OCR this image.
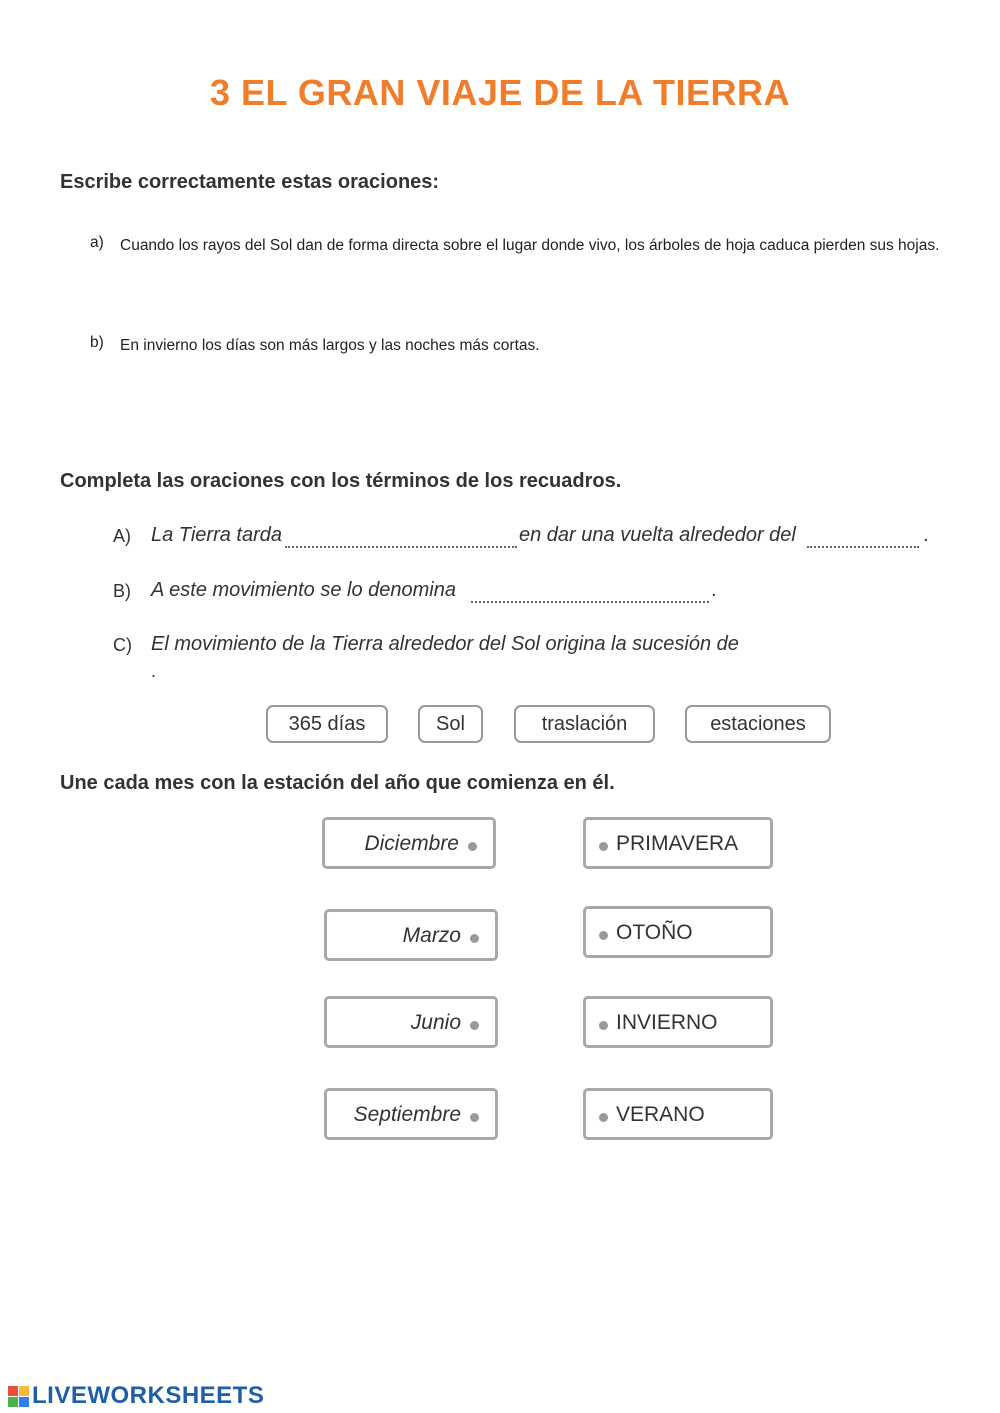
3 EL GRAN VIAJE DE LA TIERRA
Escribe correctamente estas oraciones:
a) Cuando los rayos del Sol dan de forma directa sobre el lugar donde vivo, los árboles de hoja caduca pierden sus hojas.
b) En invierno los días son más largos y las noches más cortas.
Completa las oraciones con los términos de los recuadros.
A) La Tierra tarda	en dar una vuelta alrededor del	.
B) A este movimiento se lo denomina	.
C) El movimiento de la Tierra alrededor del Sol origina la sucesión de
.
365 días	Sol	traslación	estaciones
Une cada mes con la estación del año que comienza en él.
Diciembre
Marzo
Junio
Septiembre
PRIMAVERA
OTOÑO
INVIERNO
VERANO
LIVEWORKSHEETS
